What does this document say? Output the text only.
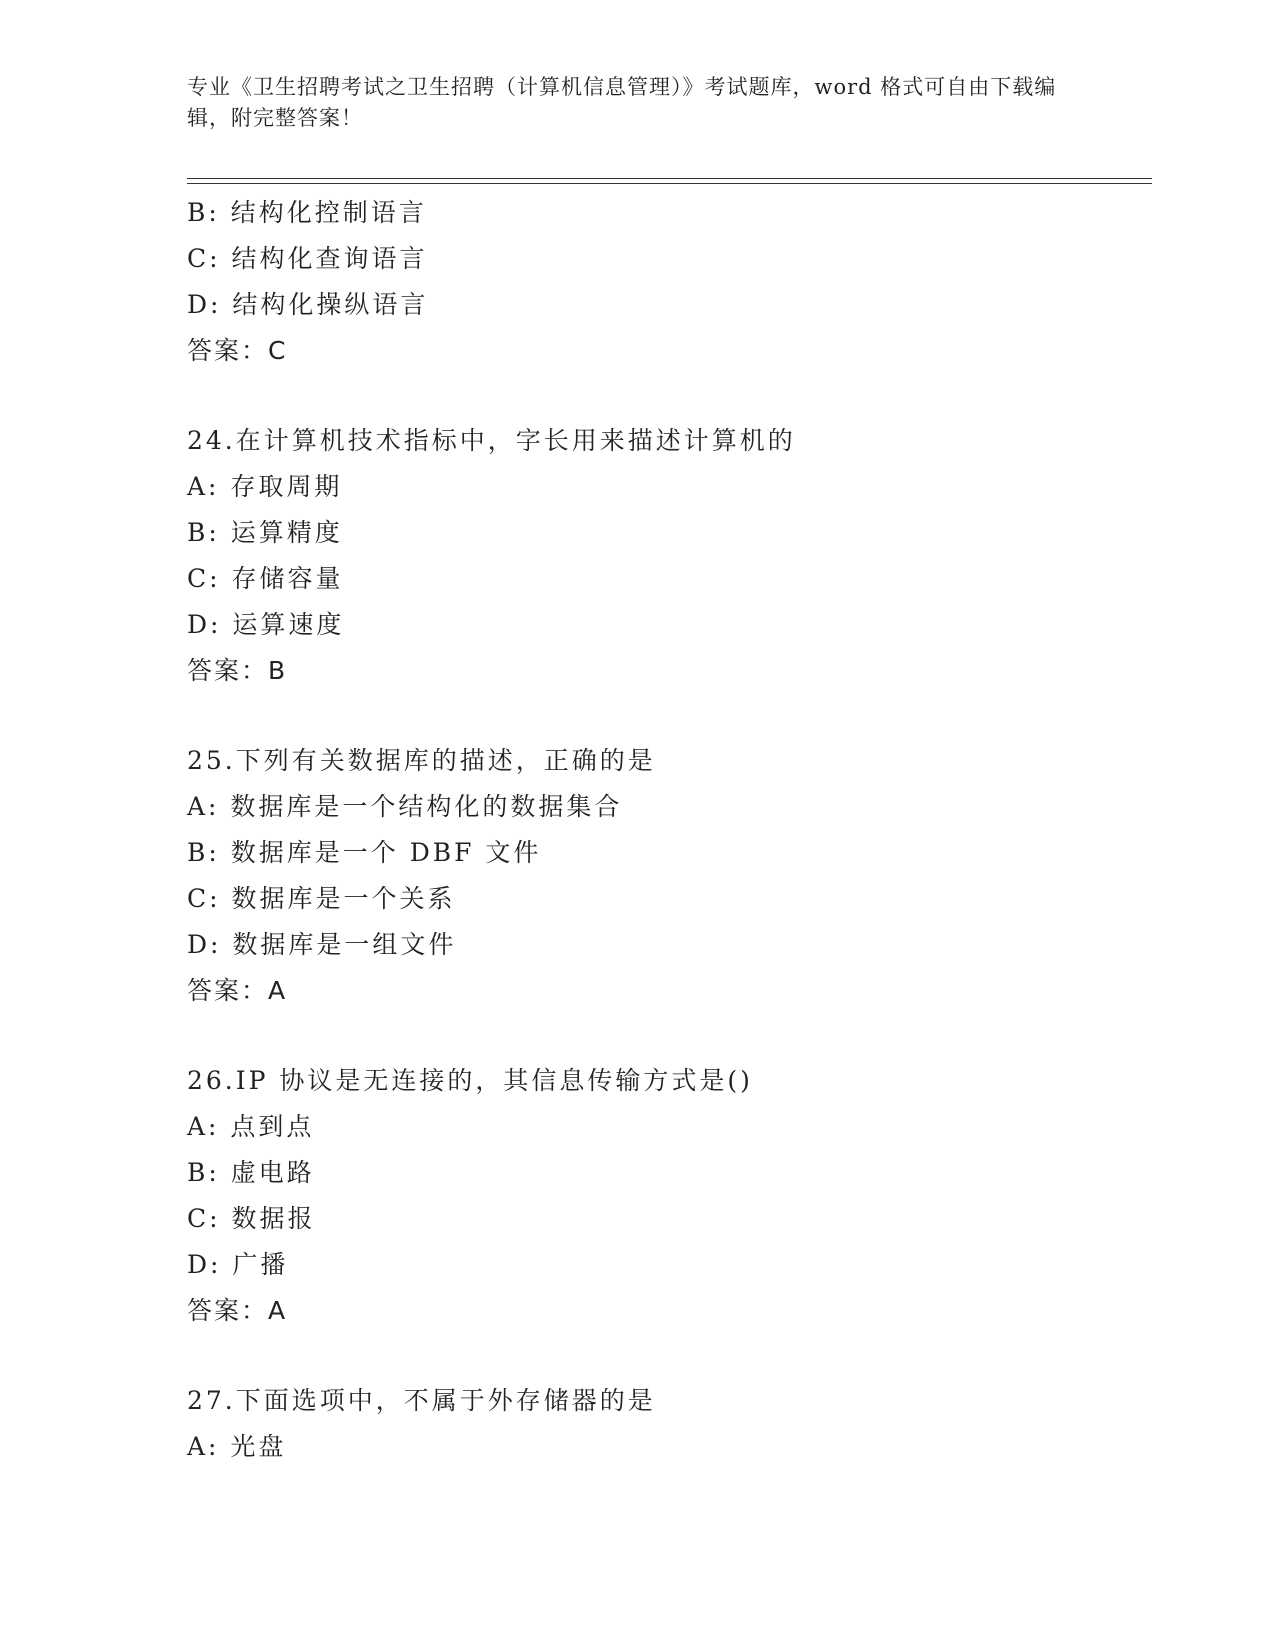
专业《卫生招聘考试之卫生招聘（计算机信息管理）》考试题库，word 格式可自由下载编辑，附完整答案！
B: 结构化控制语言
C: 结构化查询语言
D: 结构化操纵语言
答案：C
24.在计算机技术指标中，字长用来描述计算机的
A: 存取周期
B: 运算精度
C: 存储容量
D: 运算速度
答案：B
25.下列有关数据库的描述，正确的是
A: 数据库是一个结构化的数据集合
B: 数据库是一个 DBF 文件
C: 数据库是一个关系
D: 数据库是一组文件
答案：A
26.IP 协议是无连接的，其信息传输方式是()
A: 点到点
B: 虚电路
C: 数据报
D: 广播
答案：A
27.下面选项中，不属于外存储器的是
A: 光盘
